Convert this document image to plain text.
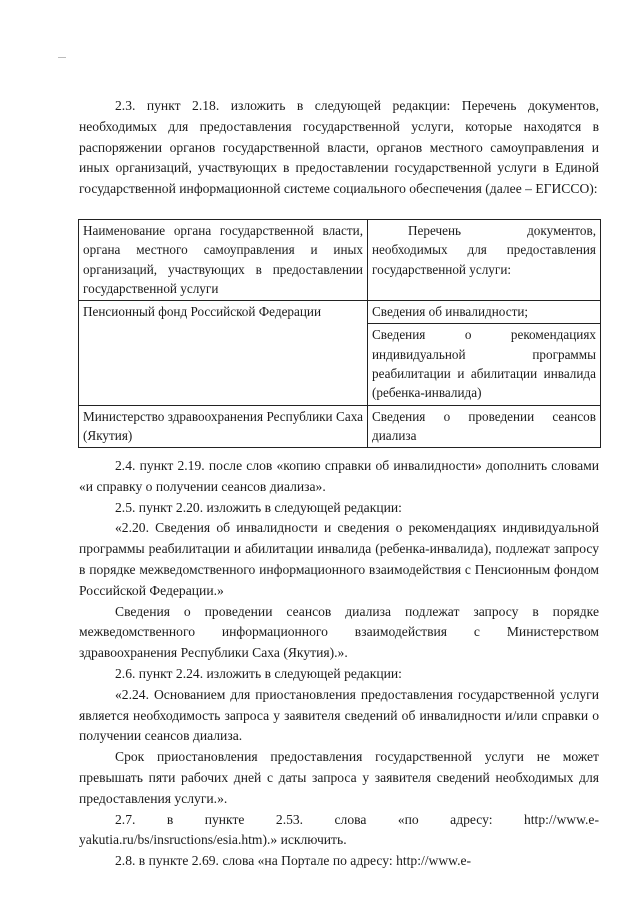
2.3. пункт 2.18. изложить в следующей редакции: Перечень документов, необходимых для предоставления государственной услуги, которые находятся в распоряжении органов государственной власти, органов местного самоуправления и иных организаций, участвующих в предоставлении государственной услуги в Единой государственной информационной системе социального обеспечения (далее – ЕГИССО):

Наименование органа государственной власти, органа местного самоуправления и иных организаций, участвующих в предоставлении государственной услуги	Перечень документов, необходимых для предоставления государственной услуги:
Пенсионный фонд Российской Федерации	Сведения об инвалидности;
	Сведения о рекомендациях индивидуальной программы реабилитации и абилитации инвалида (ребенка-инвалида)
Министерство здравоохранения Республики Саха (Якутия)	Сведения о проведении сеансов диализа

2.4. пункт 2.19. после слов «копию справки об инвалидности» дополнить словами «и справку о получении сеансов диализа».

2.5. пункт 2.20. изложить в следующей редакции:

«2.20. Сведения об инвалидности и сведения о рекомендациях индивидуальной программы реабилитации и абилитации инвалида (ребенка-инвалида), подлежат запросу в порядке межведомственного информационного взаимодействия с Пенсионным фондом Российской Федерации.»

Сведения о проведении сеансов диализа подлежат запросу в порядке межведомственного информационного взаимодействия с Министерством здравоохранения Республики Саха (Якутия).».

2.6. пункт 2.24. изложить в следующей редакции:

«2.24. Основанием для приостановления предоставления государственной услуги является необходимость запроса у заявителя сведений об инвалидности и/или справки о получении сеансов диализа.

Срок приостановления предоставления государственной услуги не может превышать пяти рабочих дней с даты запроса у заявителя сведений необходимых для предоставления услуги.».

2.7. в пункте 2.53. слова «по адресу: http://www.e-yakutia.ru/bs/insructions/esia.htm).» исключить.

2.8. в пункте 2.69. слова «на Портале по адресу: http://www.e-
